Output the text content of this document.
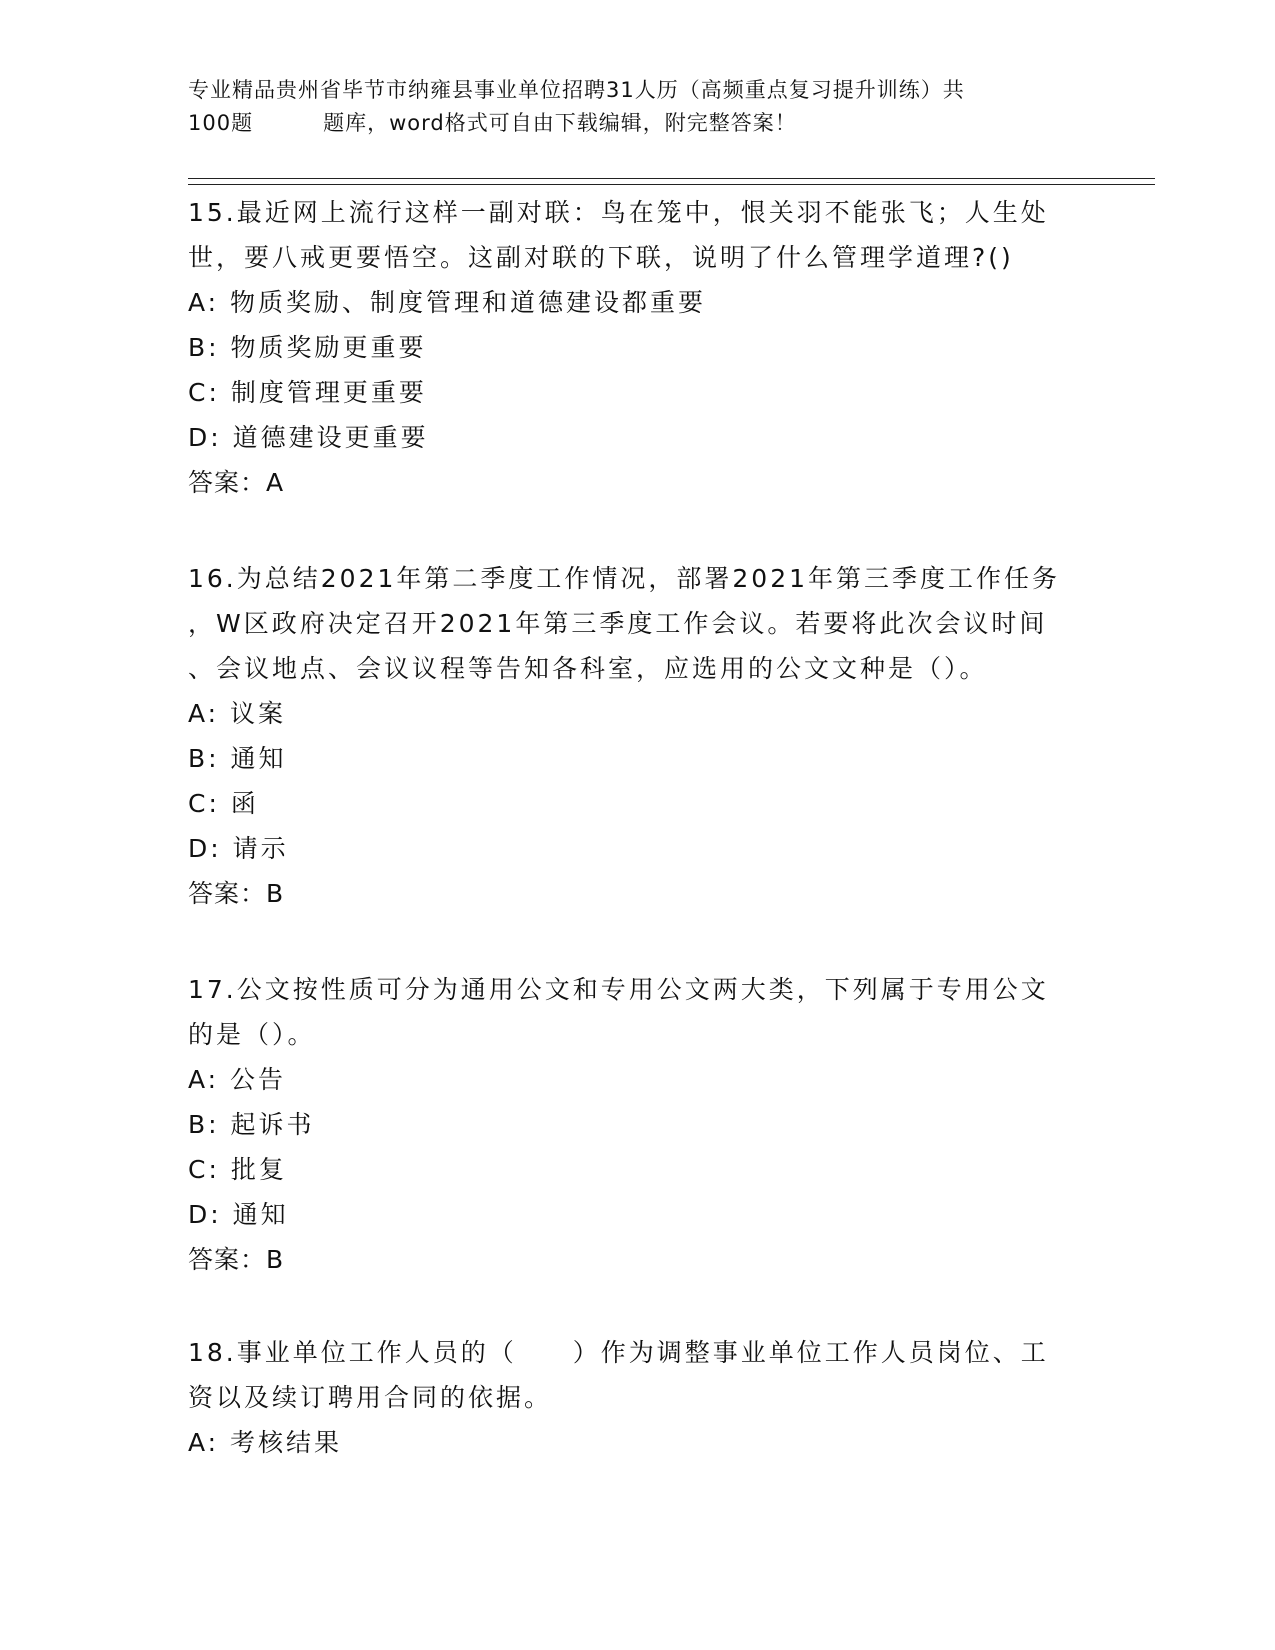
专业精品贵州省毕节市纳雍县事业单位招聘31人历（高频重点复习提升训练）共
100题	题库，word格式可自由下载编辑，附完整答案！
15.最近网上流行这样一副对联：鸟在笼中，恨关羽不能张飞；人生处
世，要八戒更要悟空。这副对联的下联，说明了什么管理学道理?()
A: 物质奖励、制度管理和道德建设都重要
B: 物质奖励更重要
C: 制度管理更重要
D: 道德建设更重要
答案：A
16.为总结2021年第二季度工作情况，部署2021年第三季度工作任务
，W区政府决定召开2021年第三季度工作会议。若要将此次会议时间
、会议地点、会议议程等告知各科室，应选用的公文文种是（）。
A: 议案
B: 通知
C: 函
D: 请示
答案：B
17.公文按性质可分为通用公文和专用公文两大类，下列属于专用公文
的是（）。
A: 公告
B: 起诉书
C: 批复
D: 通知
答案：B
18.事业单位工作人员的（　　）作为调整事业单位工作人员岗位、工
资以及续订聘用合同的依据。
A: 考核结果
